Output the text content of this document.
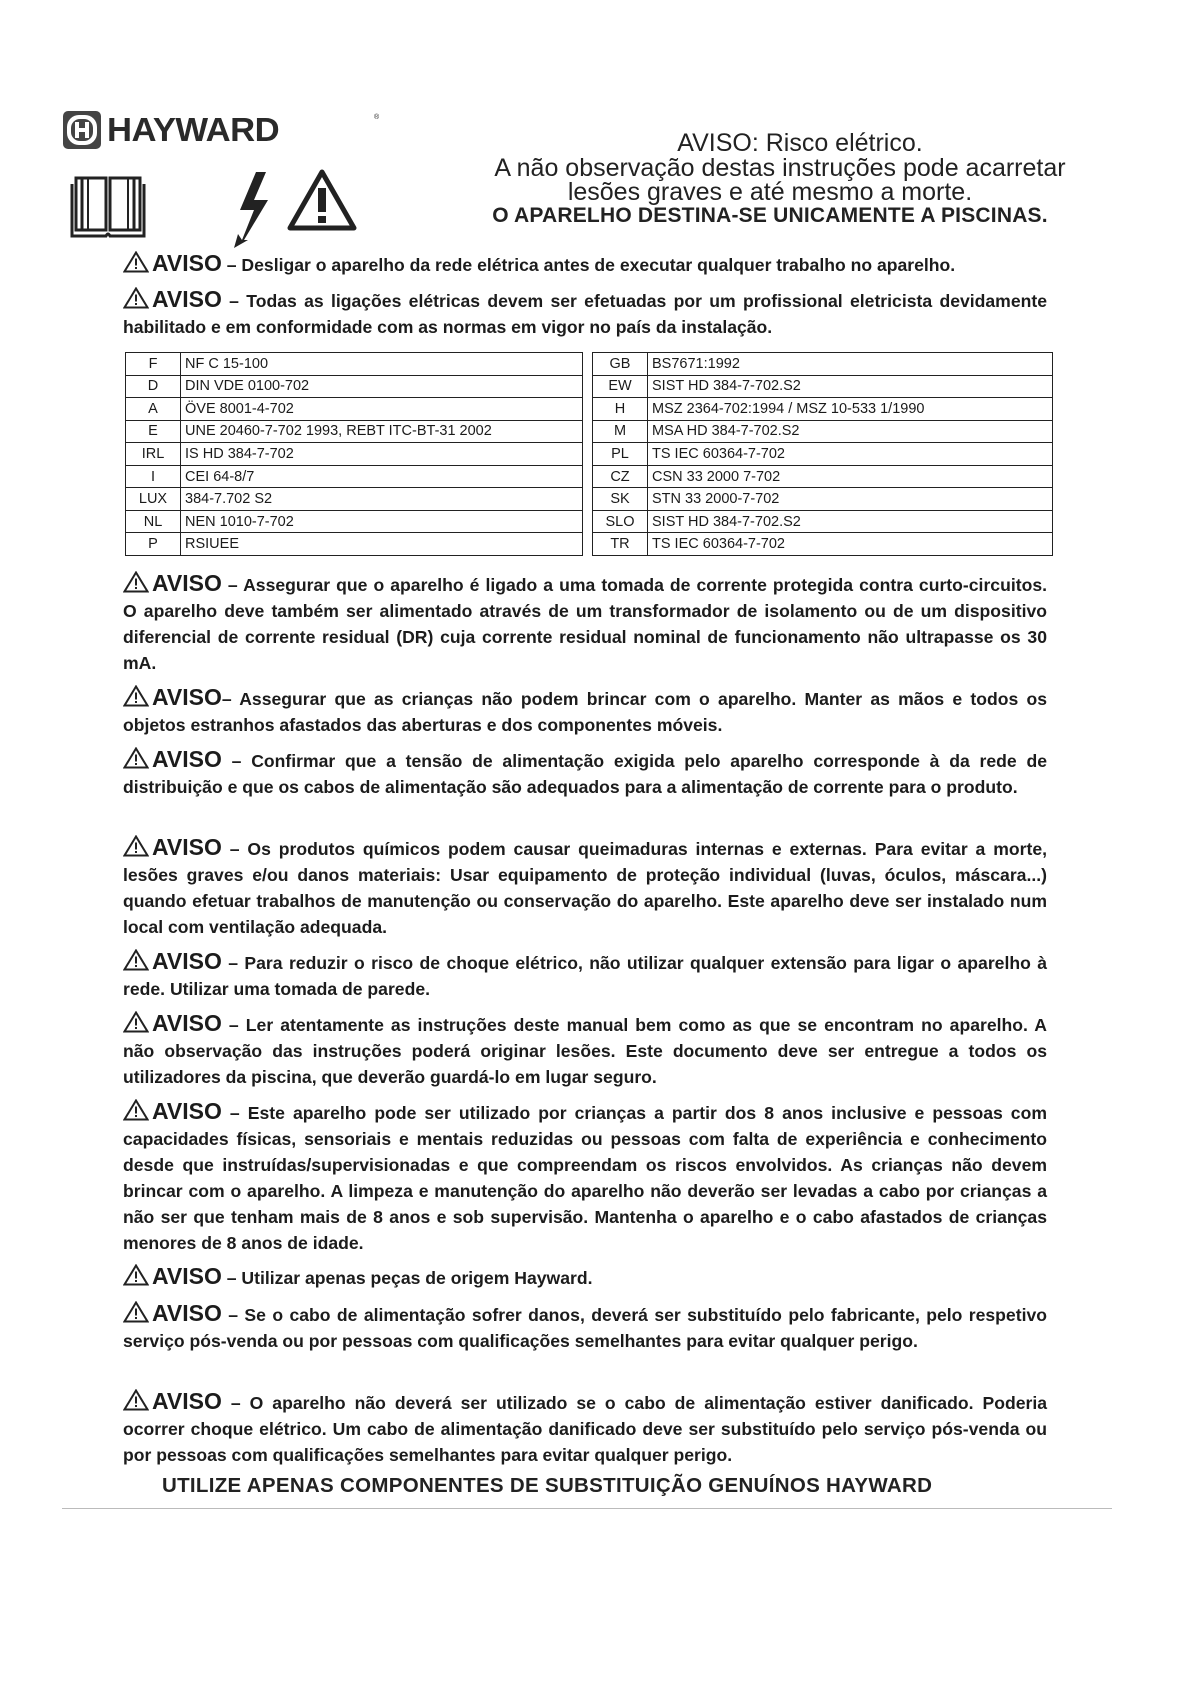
HAYWARD	®
AVISO: Risco elétrico.
A não observação destas instruções pode acarretar
lesões graves e até mesmo a morte.
O APARELHO DESTINA-SE UNICAMENTE A PISCINAS.
AVISO – Desligar o aparelho da rede elétrica antes de executar qualquer trabalho no aparelho.
AVISO – Todas as ligações elétricas devem ser efetuadas por um profissional eletricista devidamente habilitado e em conformidade com as normas em vigor no país da instalação.
F	NF C 15-100
D	DIN VDE 0100-702
A	ÖVE 8001-4-702
E	UNE 20460-7-702 1993, REBT ITC-BT-31 2002
IRL	IS HD 384-7-702
I	CEI 64-8/7
LUX	384-7.702 S2
NL	NEN 1010-7-702
P	RSIUEE
GB	BS7671:1992
EW	SIST HD 384-7-702.S2
H	MSZ 2364-702:1994 / MSZ 10-533 1/1990
M	MSA HD 384-7-702.S2
PL	TS IEC 60364-7-702
CZ	CSN 33 2000 7-702
SK	STN 33 2000-7-702
SLO	SIST HD 384-7-702.S2
TR	TS IEC 60364-7-702
AVISO – Assegurar que o aparelho é ligado a uma tomada de corrente protegida contra curto-circuitos. O aparelho deve também ser alimentado através de um transformador de isolamento ou de um dispositivo diferencial de corrente residual (DR) cuja corrente residual nominal de funcionamento não ultrapasse os 30 mA.
AVISO– Assegurar que as crianças não podem brincar com o aparelho. Manter as mãos e todos os objetos estranhos afastados das aberturas e dos componentes móveis.
AVISO – Confirmar que a tensão de alimentação exigida pelo aparelho corresponde à da rede de distribuição e que os cabos de alimentação são adequados para a alimentação de corrente para o produto.
AVISO – Os produtos químicos podem causar queimaduras internas e externas. Para evitar a morte, lesões graves e/ou danos materiais: Usar equipamento de proteção individual (luvas, óculos, máscara...) quando efetuar trabalhos de manutenção ou conservação do aparelho. Este aparelho deve ser instalado num local com ventilação adequada.
AVISO – Para reduzir o risco de choque elétrico, não utilizar qualquer extensão para ligar o aparelho à rede. Utilizar uma tomada de parede.
AVISO – Ler atentamente as instruções deste manual bem como as que se encontram no aparelho. A não observação das instruções poderá originar lesões. Este documento deve ser entregue a todos os utilizadores da piscina, que deverão guardá-lo em lugar seguro.
AVISO – Este aparelho pode ser utilizado por crianças a partir dos 8 anos inclusive e pessoas com capacidades físicas, sensoriais e mentais reduzidas ou pessoas com falta de experiência e conhecimento desde que instruídas/supervisionadas e que compreendam os riscos envolvidos. As crianças não devem brincar com o aparelho. A limpeza e manutenção do aparelho não deverão ser levadas a cabo por crianças a não ser que tenham mais de 8 anos e sob supervisão. Mantenha o aparelho e o cabo afastados de crianças menores de 8 anos de idade.
AVISO – Utilizar apenas peças de origem Hayward.
AVISO – Se o cabo de alimentação sofrer danos, deverá ser substituído pelo fabricante, pelo respetivo serviço pós-venda ou por pessoas com qualificações semelhantes para evitar qualquer perigo.
AVISO – O aparelho não deverá ser utilizado se o cabo de alimentação estiver danificado. Poderia ocorrer choque elétrico. Um cabo de alimentação danificado deve ser substituído pelo serviço pós-venda ou por pessoas com qualificações semelhantes para evitar qualquer perigo.
UTILIZE APENAS COMPONENTES DE SUBSTITUIÇÃO GENUÍNOS HAYWARD
